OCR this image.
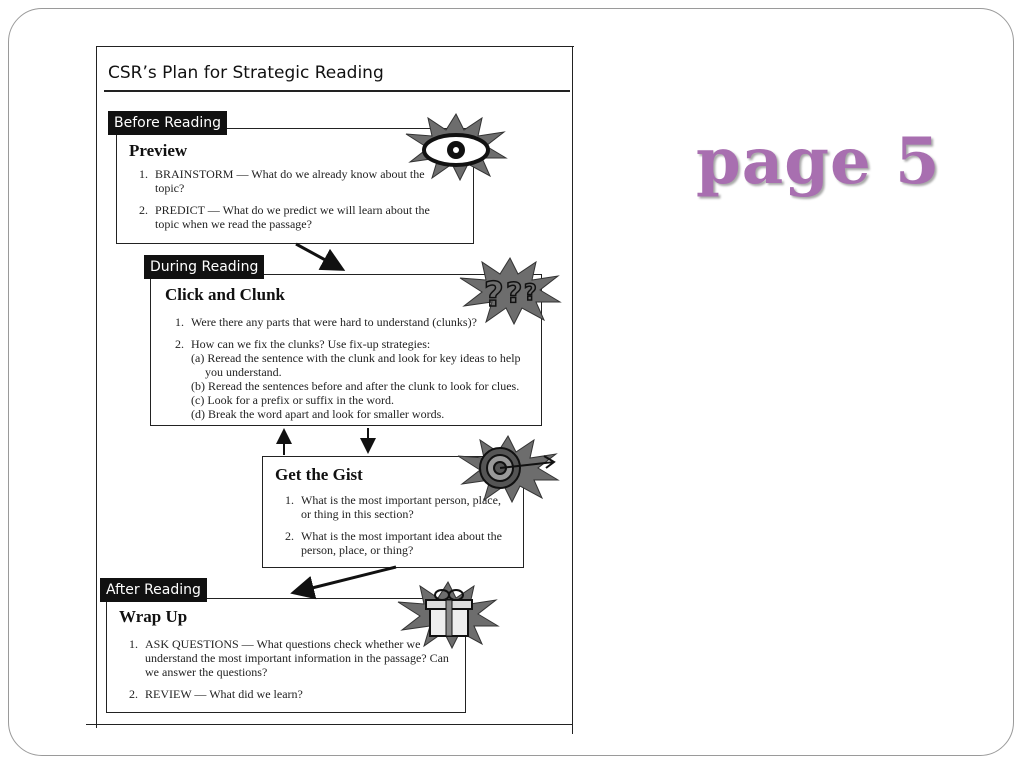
CSR’s Plan for Strategic Reading
Preview
1. BRAINSTORM — What do we already know about the topic?
2. PREDICT — What do we predict we will learn about the topic when we read the passage?
Before Reading
Click and Clunk
1. Were there any parts that were hard to understand (clunks)?
2. How can we fix the clunks? Use fix-up strategies:
(a) Reread the sentence with the clunk and look for key ideas to help you understand.
(b) Reread the sentences before and after the clunk to look for clues.
(c) Look for a prefix or suffix in the word.
(d) Break the word apart and look for smaller words.
During Reading
Get the Gist
1. What is the most important person, place, or thing in this section?
2. What is the most important idea about the person, place, or thing?
Wrap Up
1. ASK QUESTIONS — What questions check whether we understand the most important information in the passage? Can we answer the questions?
2. REVIEW — What did we learn?
After Reading
? ? ?
page 5
